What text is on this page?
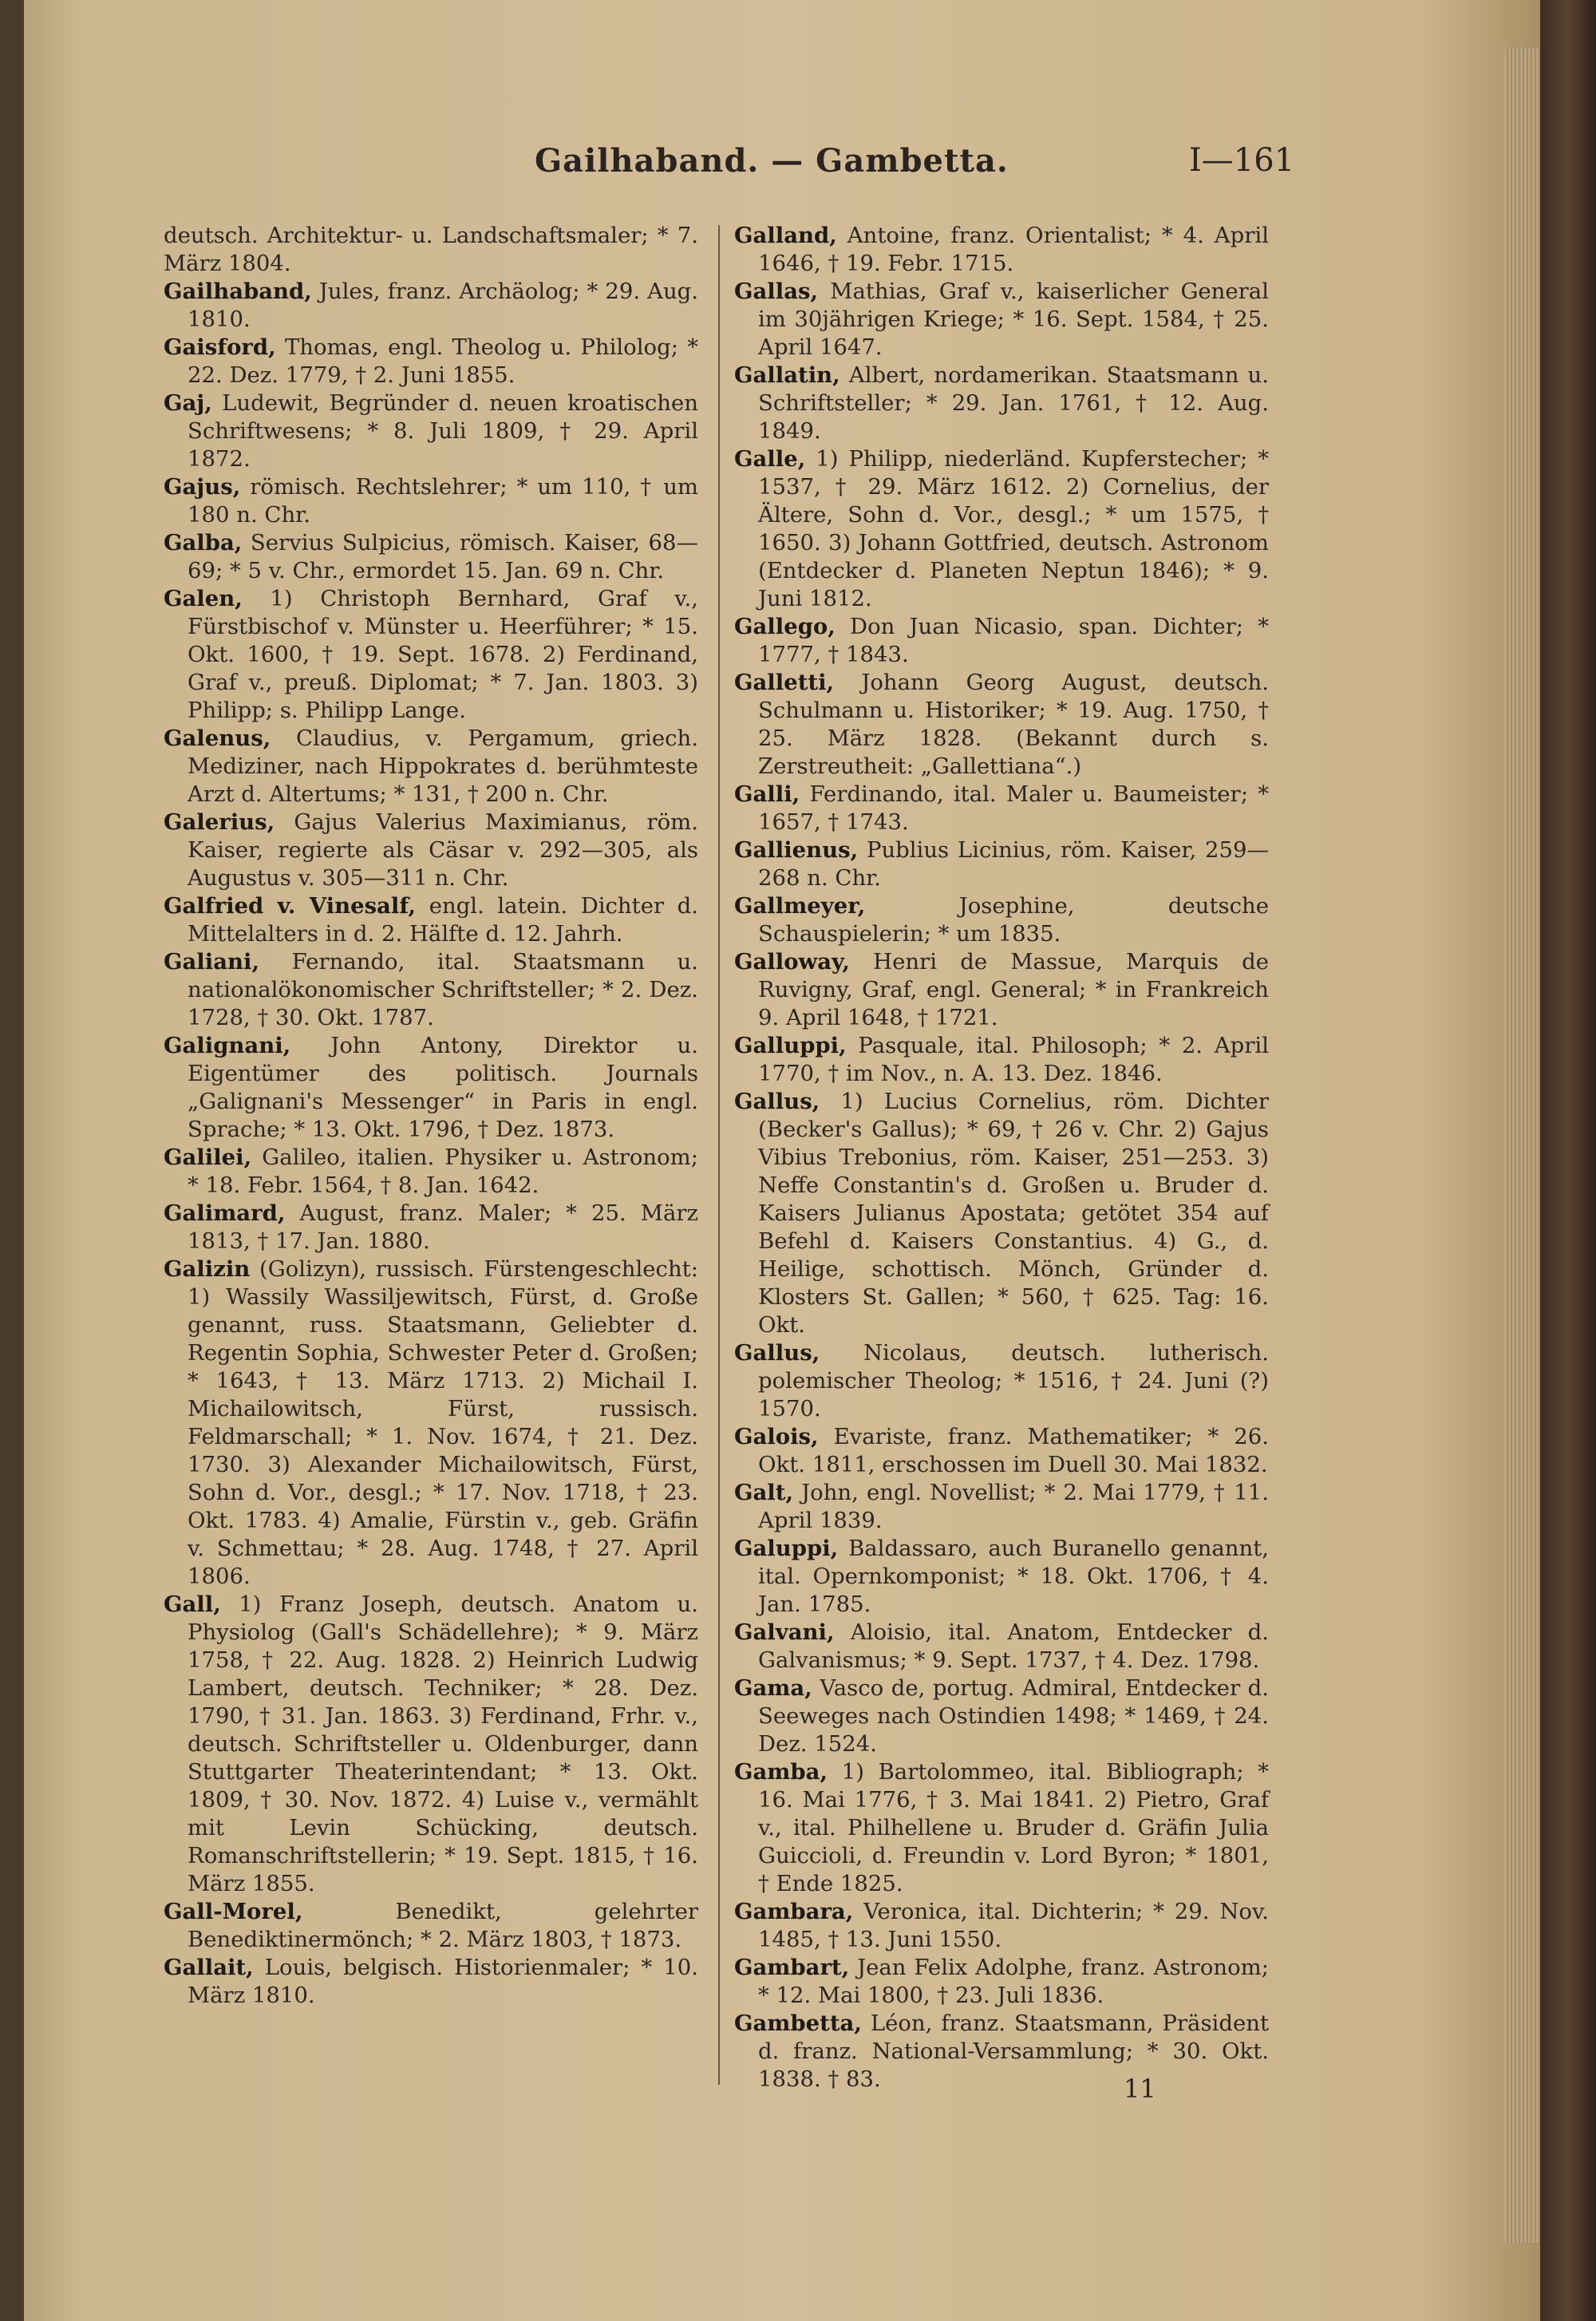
Gailhaband. — Gambetta.	I—161

deutsch. Architektur- u. Landschaftsmaler; * 7. März 1804.

Gailhaband, Jules, franz. Archäolog; * 29. Aug. 1810.

Gaisford, Thomas, engl. Theolog u. Philolog; * 22. Dez. 1779, † 2. Juni 1855.

Gaj, Ludewit, Begründer d. neuen kroatischen Schriftwesens; * 8. Juli 1809, † 29. April 1872.

Gajus, römisch. Rechtslehrer; * um 110, † um 180 n. Chr.

Galba, Servius Sulpicius, römisch. Kaiser, 68—69; * 5 v. Chr., ermordet 15. Jan. 69 n. Chr.

Galen, 1) Christoph Bernhard, Graf v., Fürstbischof v. Münster u. Heerführer; * 15. Okt. 1600, † 19. Sept. 1678. 2) Ferdinand, Graf v., preuß. Diplomat; * 7. Jan. 1803. 3) Philipp; s. Philipp Lange.

Galenus, Claudius, v. Pergamum, griech. Mediziner, nach Hippokrates d. berühmteste Arzt d. Altertums; * 131, † 200 n. Chr.

Galerius, Gajus Valerius Maximianus, röm. Kaiser, regierte als Cäsar v. 292—305, als Augustus v. 305—311 n. Chr.

Galfried v. Vinesalf, engl. latein. Dichter d. Mittelalters in d. 2. Hälfte d. 12. Jahrh.

Galiani, Fernando, ital. Staatsmann u. nationalökonomischer Schriftsteller; * 2. Dez. 1728, † 30. Okt. 1787.

Galignani, John Antony, Direktor u. Eigentümer des politisch. Journals „Galignani's Messenger“ in Paris in engl. Sprache; * 13. Okt. 1796, † Dez. 1873.

Galilei, Galileo, italien. Physiker u. Astronom; * 18. Febr. 1564, † 8. Jan. 1642.

Galimard, August, franz. Maler; * 25. März 1813, † 17. Jan. 1880.

Galizin (Golizyn), russisch. Fürstengeschlecht: 1) Wassily Wassiljewitsch, Fürst, d. Große genannt, russ. Staatsmann, Geliebter d. Regentin Sophia, Schwester Peter d. Großen; * 1643, † 13. März 1713. 2) Michail I. Michailowitsch, Fürst, russisch. Feldmarschall; * 1. Nov. 1674, † 21. Dez. 1730. 3) Alexander Michailowitsch, Fürst, Sohn d. Vor., desgl.; * 17. Nov. 1718, † 23. Okt. 1783. 4) Amalie, Fürstin v., geb. Gräfin v. Schmettau; * 28. Aug. 1748, † 27. April 1806.

Gall, 1) Franz Joseph, deutsch. Anatom u. Physiolog (Gall's Schädellehre); * 9. März 1758, † 22. Aug. 1828. 2) Heinrich Ludwig Lambert, deutsch. Techniker; * 28. Dez. 1790, † 31. Jan. 1863. 3) Ferdinand, Frhr. v., deutsch. Schriftsteller u. Oldenburger, dann Stuttgarter Theaterintendant; * 13. Okt. 1809, † 30. Nov. 1872. 4) Luise v., vermählt mit Levin Schücking, deutsch. Romanschriftstellerin; * 19. Sept. 1815, † 16. März 1855.

Gall-Morel,	Benedikt, gelehrter Benediktinermönch; * 2. März 1803, † 1873.

Gallait, Louis, belgisch. Historienmaler; * 10. März 1810.

Galland, Antoine, franz. Orientalist; * 4. April 1646, † 19. Febr. 1715.

Gallas, Mathias, Graf v., kaiserlicher General im 30jährigen Kriege; * 16. Sept. 1584, † 25. April 1647.

Gallatin, Albert, nordamerikan. Staatsmann u. Schriftsteller; * 29. Jan. 1761, † 12. Aug. 1849.

Galle, 1) Philipp, niederländ. Kupferstecher; * 1537, † 29. März 1612. 2) Cornelius, der Ältere, Sohn d. Vor., desgl.; * um 1575, † 1650. 3) Johann Gottfried, deutsch. Astronom (Entdecker d. Planeten Neptun 1846); * 9. Juni 1812.

Gallego, Don Juan Nicasio, span. Dichter; * 1777, † 1843.

Galletti, Johann Georg August, deutsch. Schulmann u. Historiker; * 19. Aug. 1750, † 25. März 1828. (Bekannt durch s. Zerstreutheit: „Gallettiana“.)

Galli, Ferdinando, ital. Maler u. Baumeister; * 1657, † 1743.

Gallienus, Publius Licinius, röm. Kaiser, 259—268 n. Chr.

Gallmeyer,	Josephine, deutsche Schauspielerin; * um 1835.

Galloway, Henri de Massue, Marquis de Ruvigny, Graf, engl. General; * in Frankreich 9. April 1648, † 1721.

Galluppi, Pasquale, ital. Philosoph; * 2. April 1770, † im Nov., n. A. 13. Dez. 1846.

Gallus, 1) Lucius Cornelius, röm. Dichter (Becker's Gallus); * 69, † 26 v. Chr. 2) Gajus Vibius Trebonius, röm. Kaiser, 251—253. 3) Neffe Constantin's d. Großen u. Bruder d. Kaisers Julianus Apostata; getötet 354 auf Befehl d. Kaisers Constantius. 4) G., d. Heilige, schottisch. Mönch, Gründer d. Klosters St. Gallen; * 560, † 625. Tag: 16. Okt.

Gallus, Nicolaus, deutsch. lutherisch. polemischer Theolog; * 1516, † 24. Juni (?) 1570.

Galois, Evariste, franz. Mathematiker; * 26. Okt. 1811, erschossen im Duell 30. Mai 1832.

Galt, John, engl. Novellist; * 2. Mai 1779, † 11. April 1839.

Galuppi, Baldassaro, auch Buranello genannt, ital. Opernkomponist; * 18. Okt. 1706, † 4. Jan. 1785.

Galvani, Aloisio, ital. Anatom, Entdecker d. Galvanismus; * 9. Sept. 1737, † 4. Dez. 1798.

Gama, Vasco de, portug. Admiral, Entdecker d. Seeweges nach Ostindien 1498; * 1469, † 24. Dez. 1524.

Gamba, 1) Bartolommeo, ital. Bibliograph; * 16. Mai 1776, † 3. Mai 1841. 2) Pietro, Graf v., ital. Philhellene u. Bruder d. Gräfin Julia Guiccioli, d. Freundin v. Lord Byron; * 1801, † Ende 1825.

Gambara, Veronica, ital. Dichterin; * 29. Nov. 1485, † 13. Juni 1550.

Gambart, Jean Felix Adolphe, franz. Astronom; * 12. Mai 1800, † 23. Juli 1836.

Gambetta, Léon, franz. Staatsmann, Präsident d. franz. National-Versammlung; * 30. Okt. 1838. † 83.	11
